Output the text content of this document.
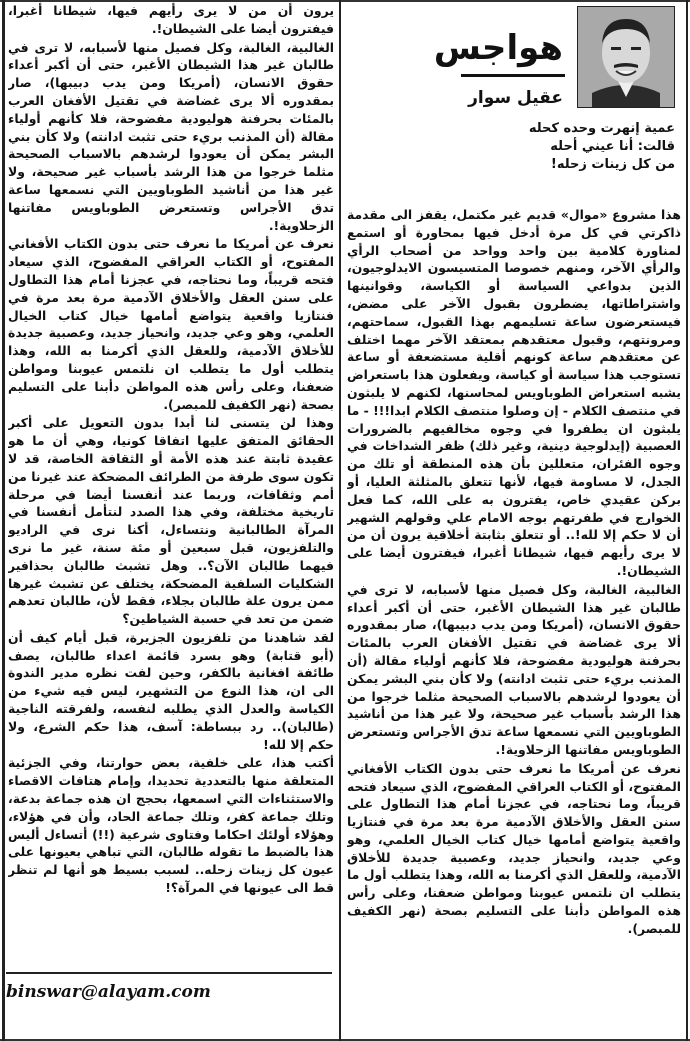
هواجس
عقيل سوار
عمية إنهرت وحده كحله
قالت: أنا عيني أحله
من كل زينات زحله!

هذا مشروع «موال» قديم غير مكتمل، يقفز الى مقدمة ذاكرتي في كل مرة أدخل فيها بمحاورة أو استمع لمناورة كلامية بين واحد وواحد من أصحاب الرأي والرأي الآخر، ومنهم خصوصا المتسيسون الايدلوجيون، الذين بدواعي السياسة أو الكياسة، وقوانينها واشتراطاتها، يضطرون بقبول الآخر على مضض، فيستعرضون ساعة تسليمهم بهذا القبول، سماحتهم، ومرونتهم، وقبول معتقدهم بمعتقد الآخر مهما اختلف عن معتقدهم ساعة كونهم أقلية مستضعفة أو ساعة تستوجب هذا سياسة أو كياسة، ويفعلون هذا باستعراض يشبه استعراض الطوباويس لمحاسنها، لكنهم لا يلبثون في منتصف الكلام - إن وصلوا منتصف الكلام ابدا!!! - ما يلبثون ان يطفروا في وجوه مخالفيهم بالضرورات العصبية (إيدلوجية دينية، وغير ذلك) ظفر الشداخات في وجوه الفئران، متعللين بأن هذه المنطقة أو تلك من الجدل، لا مساومة فيها، لأنها تتعلق بالمثلثة العليا، أو بركن عقيدي خاص، يفترون به على الله، كما فعل الخوارج في طفرتهم بوجه الامام علي وقولهم الشهير أن لا حكم إلا لله!.. أو تتعلق بثابتة أخلاقية يرون أن من لا يرى رأيهم فيها، شيطانا أغبرا، فيفترون أيضا على الشيطان!.

الغالبية، الغالبة، وكل فصيل منها لأسبابه، لا ترى في طالبان غير هذا الشيطان الأغبر، حتى أن أكبر أعداء حقوق الانسان، (أمريكا ومن يدب دبيبها)، صار بمقدوره ألا يرى غضاضة في تقتيل الأفغان العرب بالمئات بحرفنة هوليودية مفضوحة، فلا كأنهم أولياء مقالة (أن المذنب بريء حتى تثبت ادانته) ولا كأن بني البشر يمكن أن يعودوا لرشدهم بالاسباب الصحيحة مثلما خرجوا من هذا الرشد بأسباب غير صحيحة، ولا غير هذا من أناشيد الطوباويين التي نسمعها ساعة تدق الأجراس وتستعرض الطوباويس مفاتنها الزحلاوية!.

نعرف عن أمريكا ما نعرف حتى بدون الكتاب الأفغاني المفتوح، أو الكتاب العراقي المفضوح، الذي سيعاد فتحه قريباً، وما نحتاجه، في عجزنا أمام هذا التطاول على سنن العقل والأخلاق الآدمية مرة بعد مرة في فنتازيا واقعية يتواضع أمامها خيال كتاب الخيال العلمي، وهو وعي جديد، وانحياز جديد، وعصبية جديدة للأخلاق الآدمية، وللعقل الذي أكرمنا به الله، وهذا يتطلب أول ما يتطلب ان نلتمس عيوبنا ومواطن ضعفنا، وعلى رأس هذه المواطن دأبنا على التسليم بصحة (نهر الكفيف للمبصر).

يرون أن من لا يرى رأيهم فيها، شيطانا أغبرا، فيفترون أيضا على الشيطان!.

الغالبية، الغالبة، وكل فصيل منها لأسبابه، لا ترى في طالبان غير هذا الشيطان الأغبر، حتى أن أكبر أعداء حقوق الانسان، (أمريكا ومن يدب دبيبها)، صار بمقدوره ألا يرى غضاضة في تقتيل الأفغان العرب بالمئات بحرفنة هوليودية مفضوحة، فلا كأنهم أولياء مقالة (أن المذنب بريء حتى تثبت ادانته) ولا كأن بني البشر يمكن أن يعودوا لرشدهم بالاسباب الصحيحة مثلما خرجوا من هذا الرشد بأسباب غير صحيحة، ولا غير هذا من أناشيد الطوباويين التي نسمعها ساعة تدق الأجراس وتستعرض الطوباويس مفاتنها الزحلاوية!.

نعرف عن أمريكا ما نعرف حتى بدون الكتاب الأفغاني المفتوح، أو الكتاب العراقي المفضوح، الذي سيعاد فتحه قريباً، وما نحتاجه، في عجزنا أمام هذا التطاول على سنن العقل والأخلاق الآدمية مرة بعد مرة في فنتازيا واقعية يتواضع أمامها خيال كتاب الخيال العلمي، وهو وعي جديد، وانحياز جديد، وعصبية جديدة للأخلاق الآدمية، وللعقل الذي أكرمنا به الله، وهذا يتطلب أول ما يتطلب ان نلتمس عيوبنا ومواطن ضعفنا، وعلى رأس هذه المواطن دأبنا على التسليم بصحة (نهر الكفيف للمبصر).

وهذا لن يتسنى لنا أبدا بدون التعويل على أكبر الحقائق المتفق عليها اتفاقا كونيا، وهي أن ما هو عقيدة ثابتة عند هذه الأمة أو الثقافة الخاصة، قد لا تكون سوى طرفة من الطرائف المضحكة عند غيرنا من أمم وثقافات، وربما عند أنفسنا أيضا في مرحلة تاريخية مختلفة، وفي هذا الصدد لنتأمل أنفسنا في المرآة الطالبانية ونتساءل، أكنا نرى في الراديو والتلفزيون، قبل سبعين أو مئة سنة، غير ما نرى فيهما طالبان الآن؟.. وهل تشبث طالبان بحذافير الشكليات السلفية المضحكة، يختلف عن تشبث غيرها ممن يرون علة طالبان بجلاء، فقط لأن، طالبان تعدهم ضمن من تعد في حسبة الشياطين؟

لقد شاهدنا من تلفزيون الجزيرة، قبل أيام كيف أن (أبو قتابة) وهو بسرد قائمة اعداء طالبان، يصف طائفة افغانية بالكفر، وحين لفت نظره مدير الندوة الى ان، هذا النوع من التشهير، ليس فيه شيء من الكياسة والعدل الذي يطلبه لنفسه، ولفرقته الناجية (طالبان).. رد ببساطة: آسف، هذا حكم الشرع، ولا حكم إلا لله!

أكتب هذا، على خلفية، بعض حوارتنا، وفي الجزئية المتعلقة منها بالتعددية تحديدا، وإمام هتافات الاقصاء والاستثناءات التي اسمعها، بحجج ان هذه جماعة بدعة، وتلك جماعة كفر، وتلك جماعة الحاد، وأن في هؤلاء، وهؤلاء أولئك احكاما وفتاوى شرعية (!!) أتساءل أليس هذا بالضبط ما تقوله طالبان، التي تباهي بعيونها على عيون كل زينات زحله.. لسبب بسيط هو أنها لم تنظر قط الى عيونها في المرآة؟!

binswar@alayam.com
